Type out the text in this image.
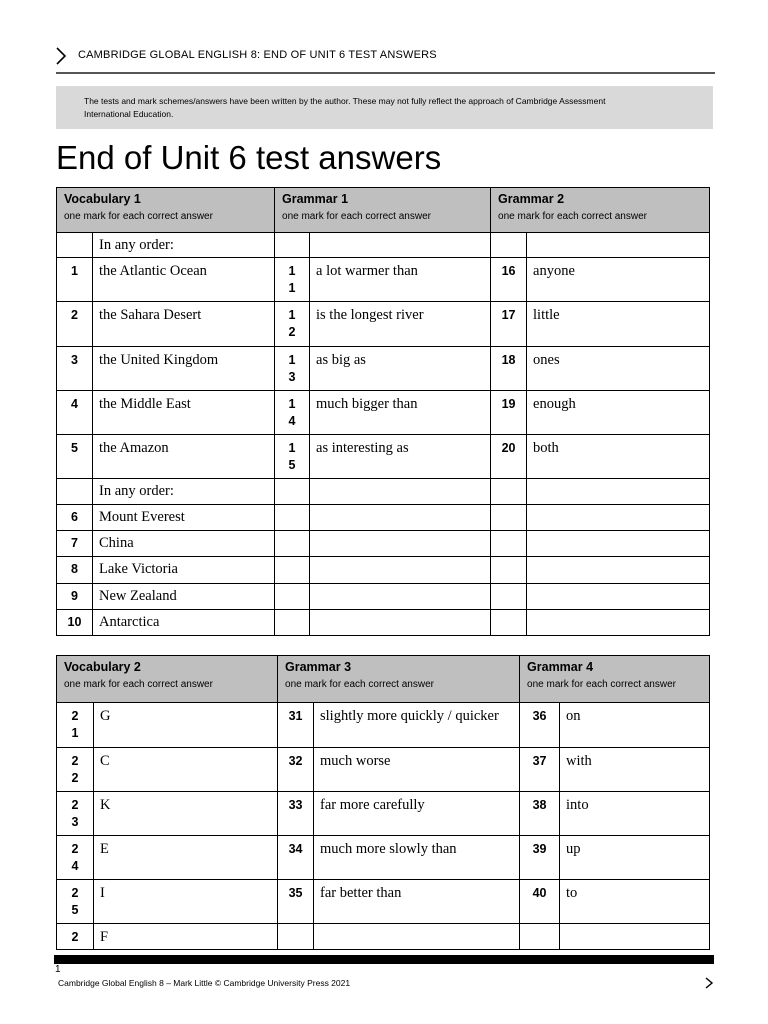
CAMBRIDGE GLOBAL ENGLISH 8: END OF UNIT 6 TEST ANSWERS
The tests and mark schemes/answers have been written by the author. These may not fully reflect the approach of Cambridge Assessment
International Education.
End of Unit 6 test answers
Vocabulary 1
one mark for each correct answer		Grammar 1
one mark for each correct answer		Grammar 2
one mark for each correct answer	

	In any order:				
1	the Atlantic Ocean	11	a lot warmer than	16	anyone
2	the Sahara Desert	12	is the longest river	17	little
3	the United Kingdom	13	as big as	18	ones
4	the Middle East	14	much bigger than	19	enough
5	the Amazon	15	as interesting as	20	both
	In any order:				
6	Mount Everest				
7	China				
8	Lake Victoria				
9	New Zealand				
10	Antarctica				
Vocabulary 2
one mark for each correct answer		Grammar 3
one mark for each correct answer		Grammar 4
one mark for each correct answer	

21	G	31	slightly more quickly / quicker	36	on
22	C	32	much worse	37	with
23	K	33	far more carefully	38	into
24	E	34	much more slowly than	39	up
25	I	35	far better than	40	to
2	F				
1
Cambridge Global English 8 – Mark Little © Cambridge University Press 2021
